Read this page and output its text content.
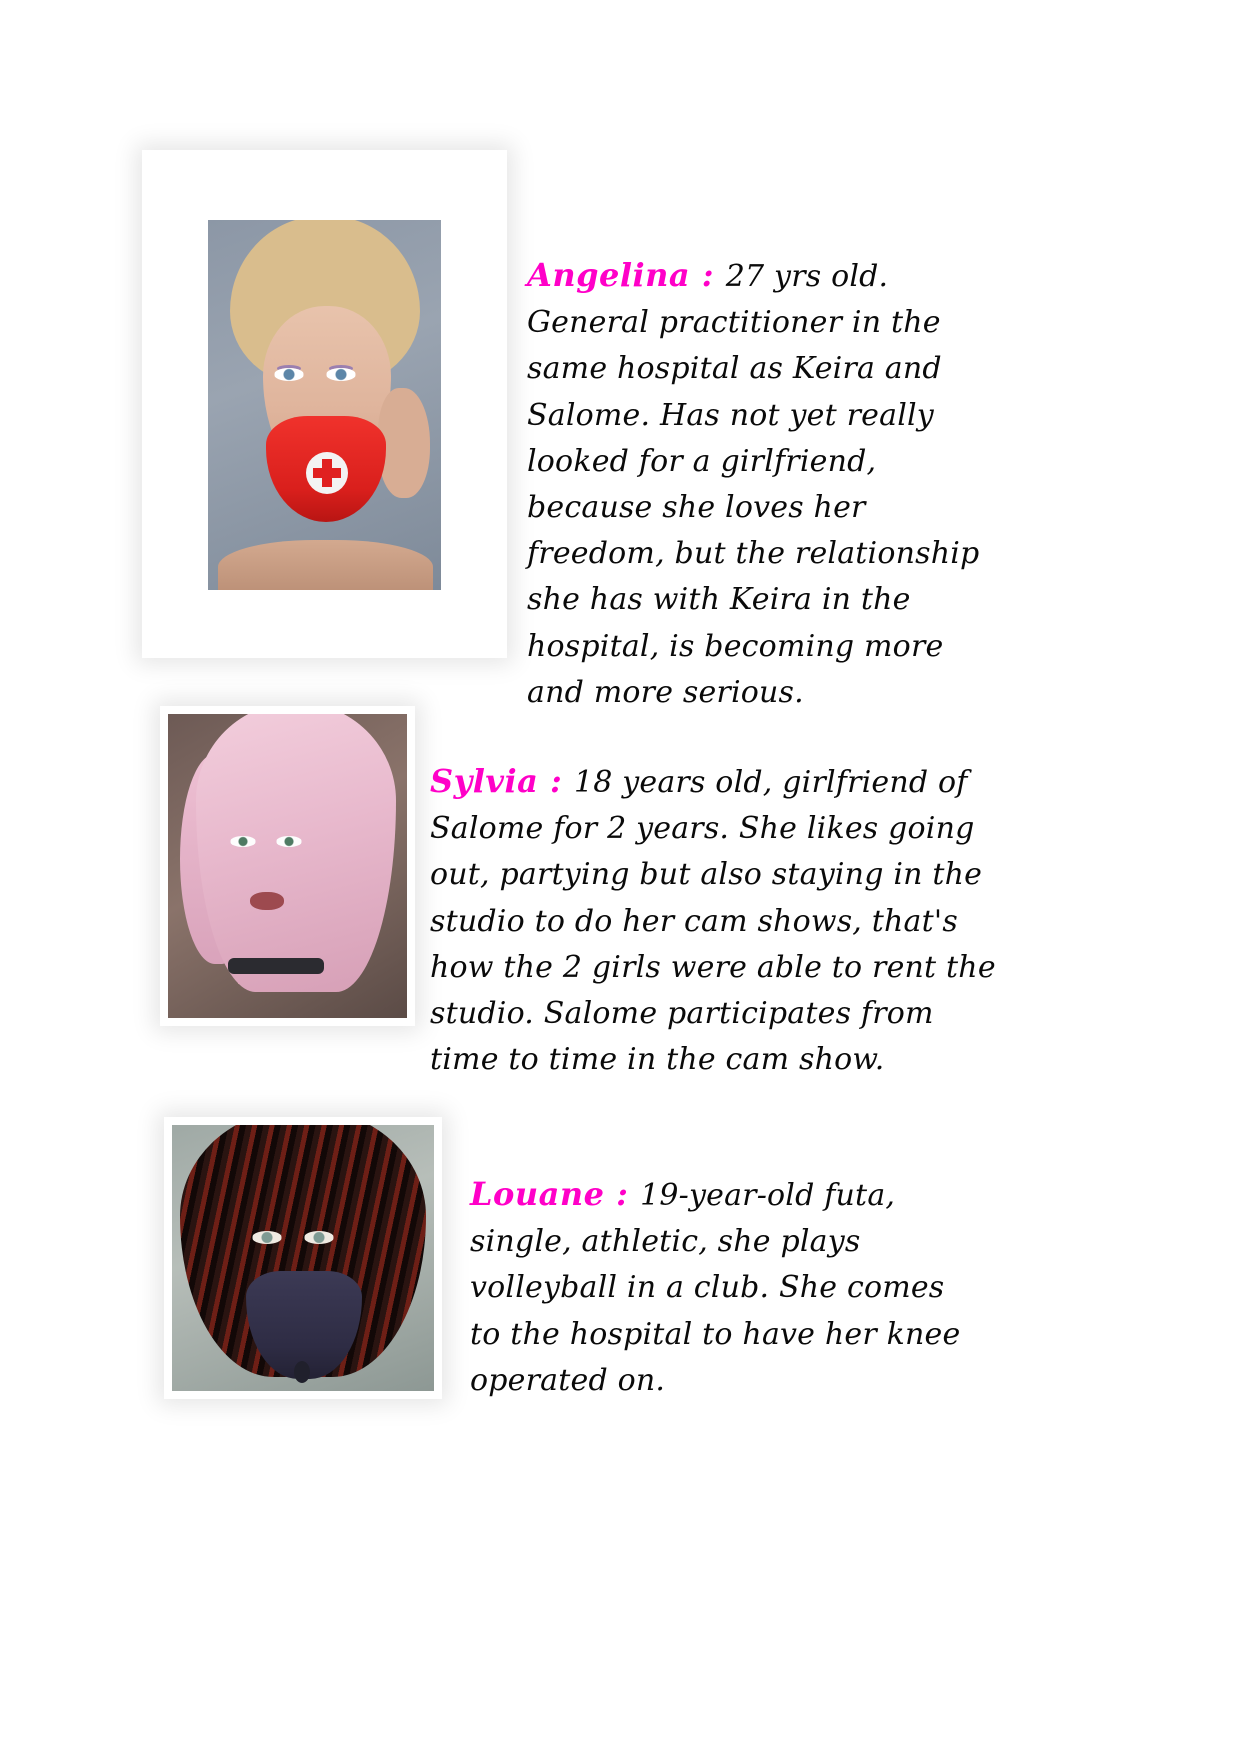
Angelina : 27 yrs old. General practitioner in the same hospital as Keira and Salome. Has not yet really looked for a girlfriend, because she loves her freedom, but the relationship she has with Keira in the hospital, is becoming more and more serious.

Sylvia : 18 years old, girlfriend of Salome for 2 years. She likes going out, partying but also staying in the studio to do her cam shows, that's how the 2 girls were able to rent the studio. Salome participates from time to time in the cam show.

Louane : 19-year-old futa, single, athletic, she plays volleyball in a club. She comes to the hospital to have her knee operated on.
